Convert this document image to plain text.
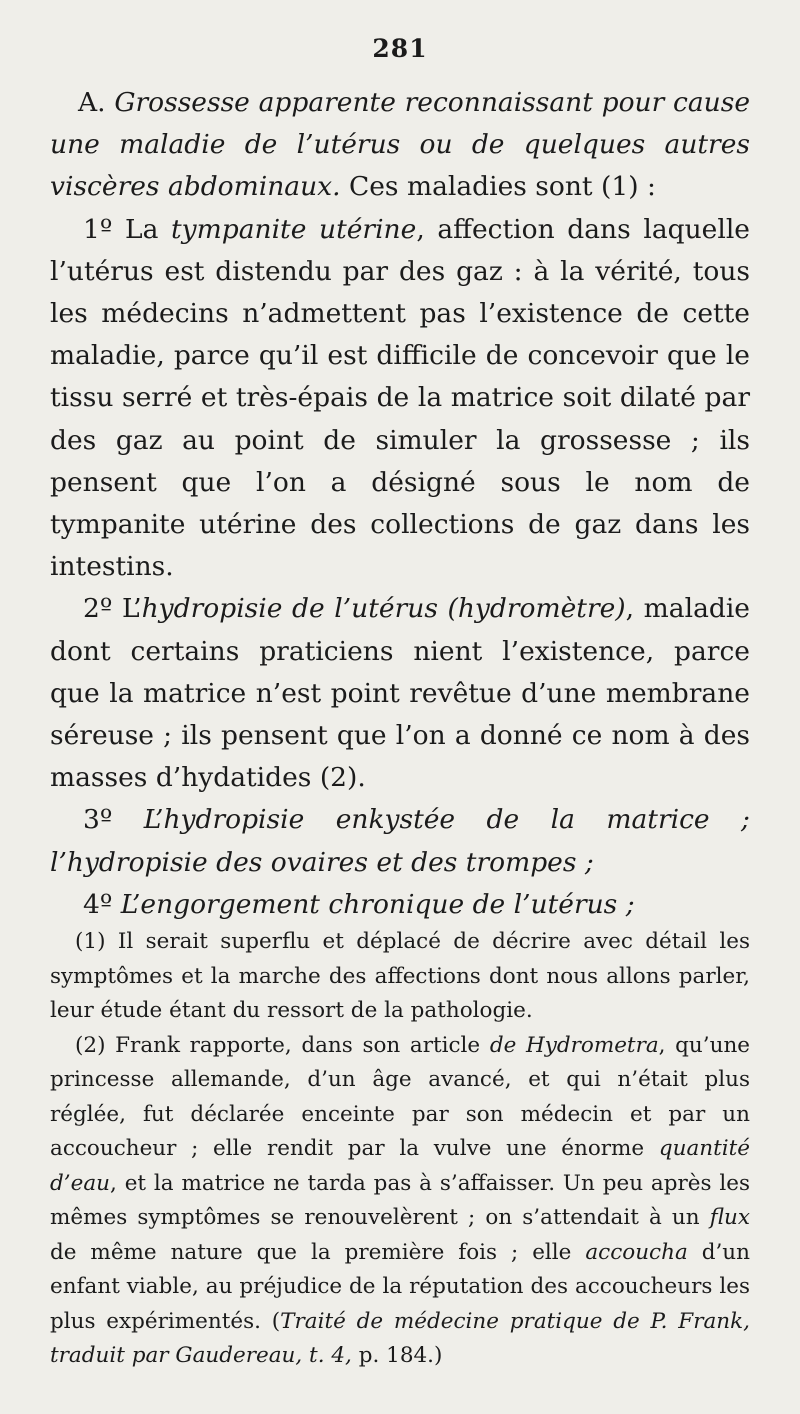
281

A. Grossesse apparente reconnaissant pour cause une maladie de l’utérus ou de quelques autres viscères abdominaux. Ces maladies sont (1) :

1º La tympanite utérine, affection dans laquelle l’utérus est distendu par des gaz : à la vérité, tous les médecins n’admettent pas l’existence de cette maladie, parce qu’il est difficile de concevoir que le tissu serré et très-épais de la matrice soit dilaté par des gaz au point de simuler la grossesse ; ils pensent que l’on a désigné sous le nom de tympanite utérine des collections de gaz dans les intestins.

2º L’hydropisie de l’utérus (hydromètre), maladie dont certains praticiens nient l’existence, parce que la matrice n’est point revêtue d’une membrane séreuse ; ils pensent que l’on a donné ce nom à des masses d’hydatides (2).

3º L’hydropisie enkystée de la matrice ; l’hydropisie des ovaires et des trompes ;

4º L’engorgement chronique de l’utérus ;

(1) Il serait superflu et déplacé de décrire avec détail les symptômes et la marche des affections dont nous allons parler, leur étude étant du ressort de la pathologie.

(2) Frank rapporte, dans son article de Hydrometra, qu’une princesse allemande, d’un âge avancé, et qui n’était plus réglée, fut déclarée enceinte par son médecin et par un accoucheur ; elle rendit par la vulve une énorme quantité d’eau, et la matrice ne tarda pas à s’affaisser. Un peu après les mêmes symptômes se renouvelèrent ; on s’attendait à un flux de même nature que la première fois ; elle accoucha d’un enfant viable, au préjudice de la réputation des accoucheurs les plus expérimentés. (Traité de médecine pratique de P. Frank, traduit par Gaudereau, t. 4, p. 184.)
